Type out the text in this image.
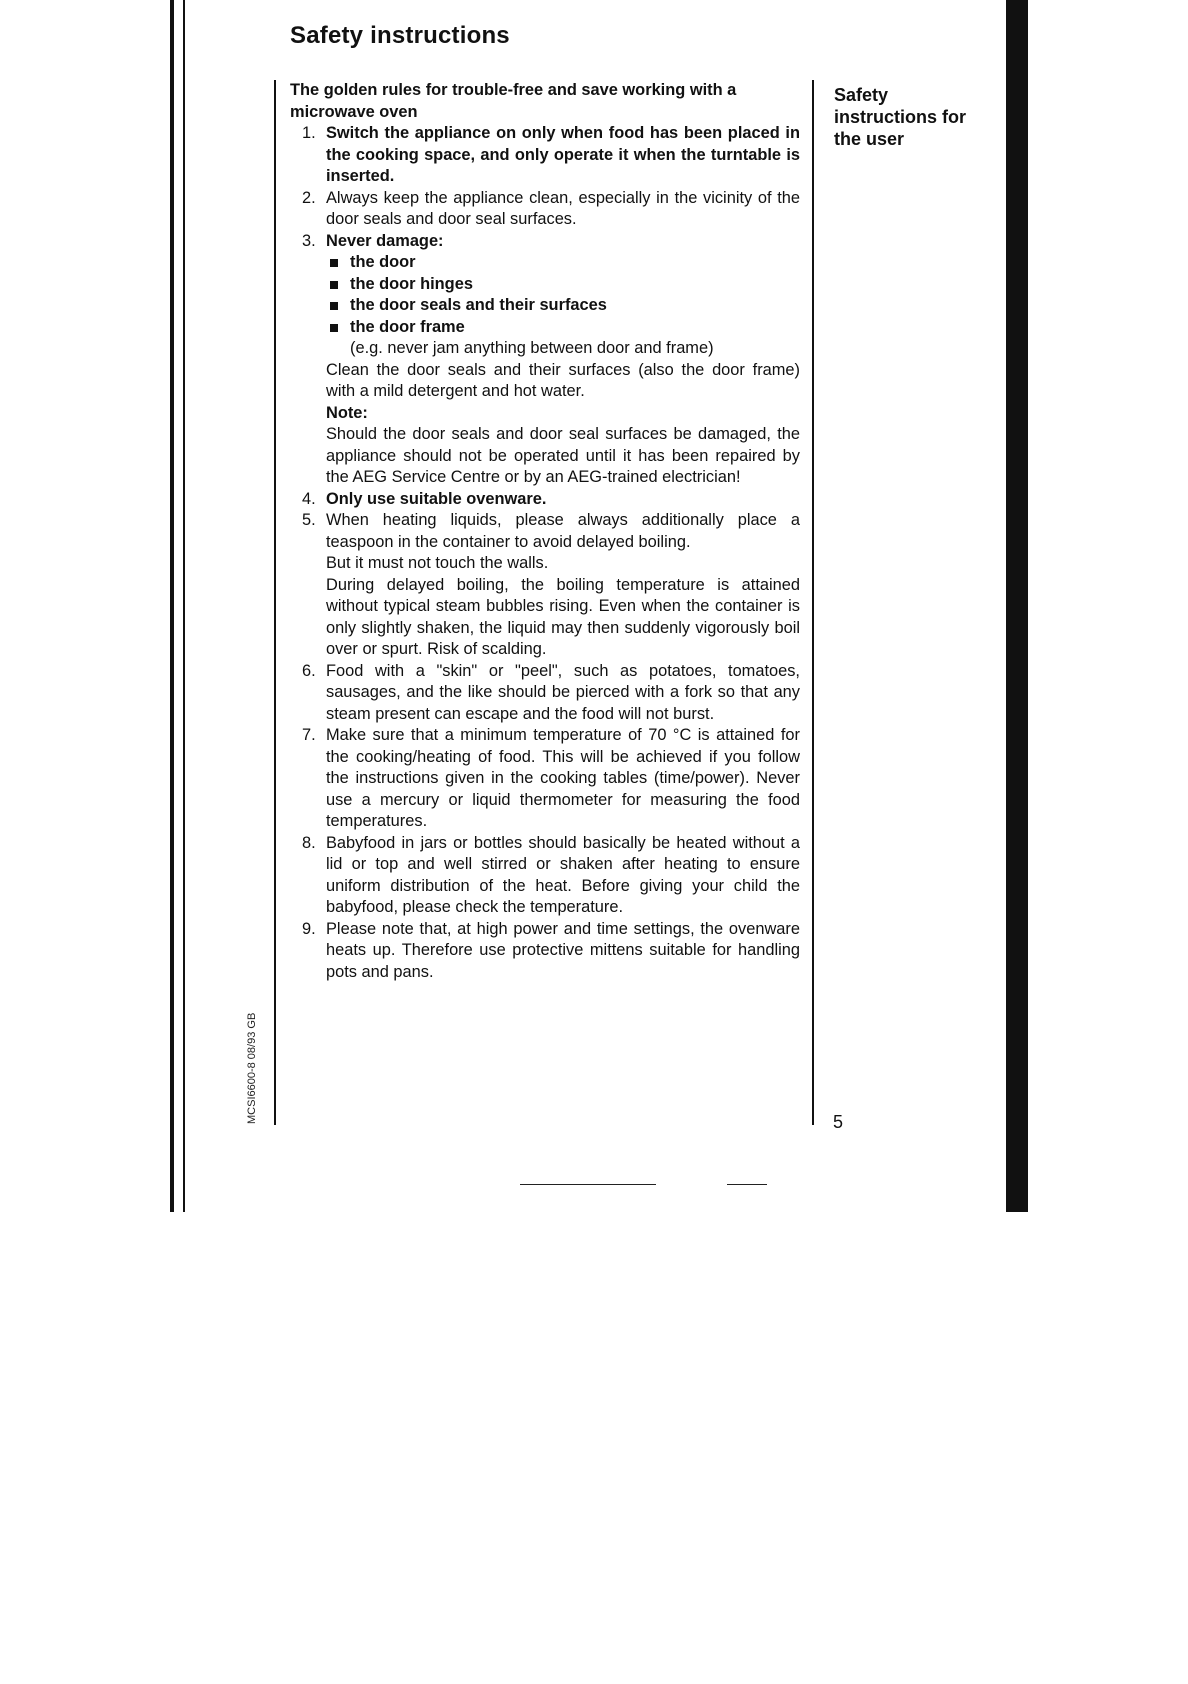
Safety instructions
The golden rules for trouble-free and save working with a microwave oven
1. Switch the appliance on only when food has been placed in the cooking space, and only operate it when the turntable is inserted.
2. Always keep the appliance clean, especially in the vicinity of the door seals and door seal surfaces.
3. Never damage:
the door
the door hinges
the door seals and their surfaces
the door frame
(e.g. never jam anything between door and frame)
Clean the door seals and their surfaces (also the door frame) with a mild detergent and hot water.
Note:
Should the door seals and door seal surfaces be damaged, the appliance should not be operated until it has been repaired by the AEG Service Centre or by an AEG-trained electrician!
4. Only use suitable ovenware.
5. When heating liquids, please always additionally place a teaspoon in the container to avoid delayed boiling.
But it must not touch the walls.
During delayed boiling, the boiling temperature is attained without typical steam bubbles rising. Even when the container is only slightly shaken, the liquid may then suddenly vigorously boil over or spurt. Risk of scalding.
6. Food with a "skin" or "peel", such as potatoes, tomatoes, sausages, and the like should be pierced with a fork so that any steam present can escape and the food will not burst.
7. Make sure that a minimum temperature of 70 °C is attained for the cooking/heating of food. This will be achieved if you follow the instructions given in the cooking tables (time/power). Never use a mercury or liquid thermometer for measuring the food temperatures.
8. Babyfood in jars or bottles should basically be heated without a lid or top and well stirred or shaken after heating to ensure uniform distribution of the heat. Before giving your child the babyfood, please check the temperature.
9. Please note that, at high power and time settings, the ovenware heats up. Therefore use protective mittens suitable for handling pots and pans.
Safety instructions for the user
5
MCSI6600-8 08/93 GB
